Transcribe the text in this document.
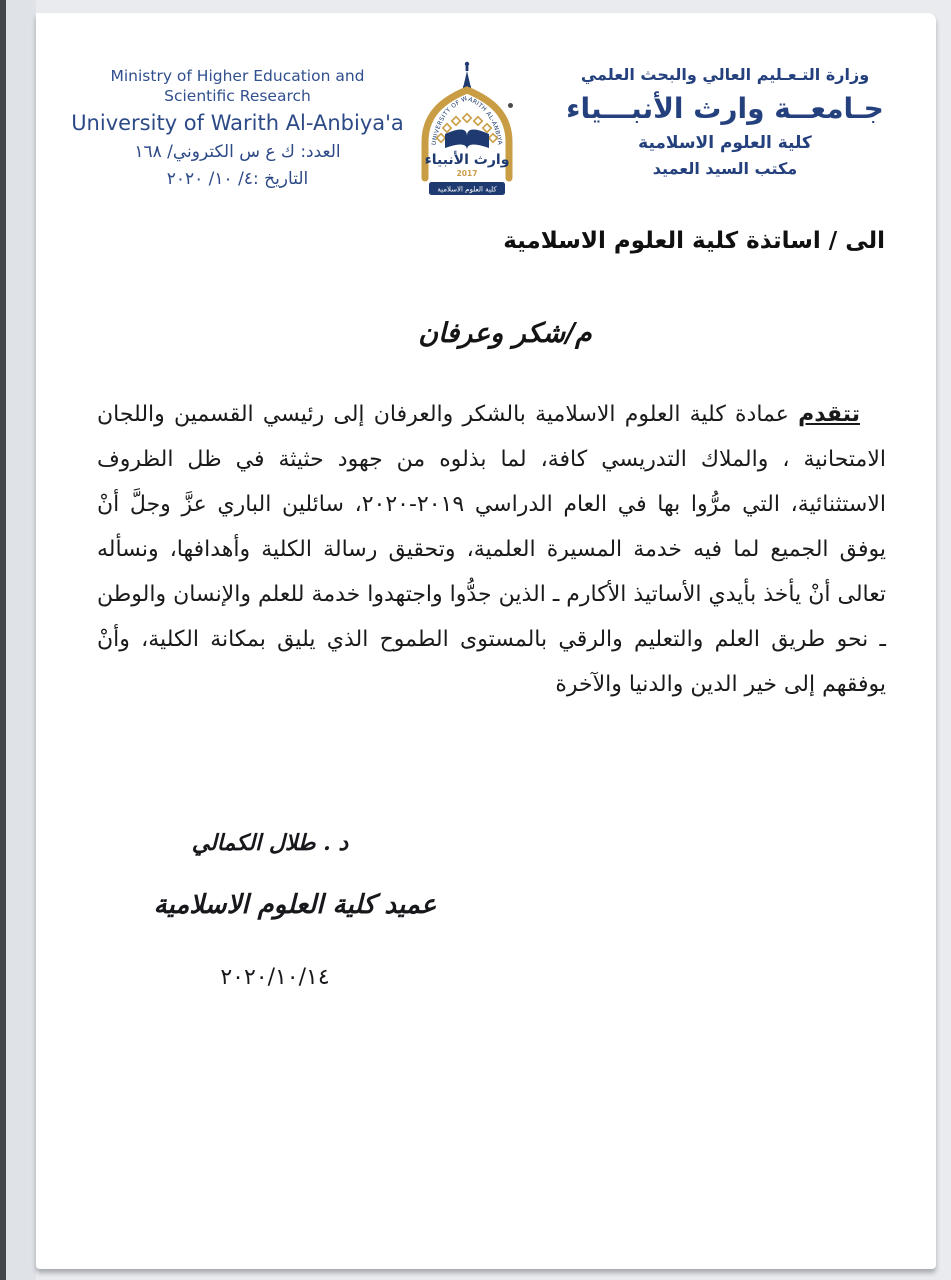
Ministry of Higher Education and
Scientific Research
University of Warith Al-Anbiya'a
العدد: ك ع س الكتروني/ ١٦٨
التاريخ :٤/ ١٠/ ٢٠٢٠
UNIVERSITY OF WARITH AL-ANBIYA
وارث الأنبياء
2017
كلية العلوم الاسلامية
وزارة التـعـليم العالي والبحث العلمي
جـامعــة وارث الأنبـــياء
كلية العلوم الاسلامية
مكتب السيد العميد
الى / اساتذة كلية العلوم الاسلامية
م/شكر وعرفان

تتقدم عمادة كلية العلوم الاسلامية بالشكر والعرفان إلى رئيسي القسمين واللجان الامتحانية ، والملاك التدريسي كافة، لما بذلوه من جهود حثيثة في ظل الظروف الاستثنائية، التي مرُّوا بها في العام الدراسي ٢٠١٩-٢٠٢٠، سائلين الباري عزَّ وجلَّ أنْ يوفق الجميع لما فيه خدمة المسيرة العلمية، وتحقيق رسالة الكلية وأهدافها، ونسأله تعالى أنْ يأخذ بأيدي الأساتيذ الأكارم ـ الذين جدُّوا واجتهدوا خدمة للعلم والإنسان والوطن ـ نحو طريق العلم والتعليم والرقي بالمستوى الطموح الذي يليق بمكانة الكلية، وأنْ يوفقهم إلى خير الدين والدنيا والآخرة

د . طلال الكمالي
عميد كلية العلوم الاسلامية
٢٠٢٠/١٠/١٤
